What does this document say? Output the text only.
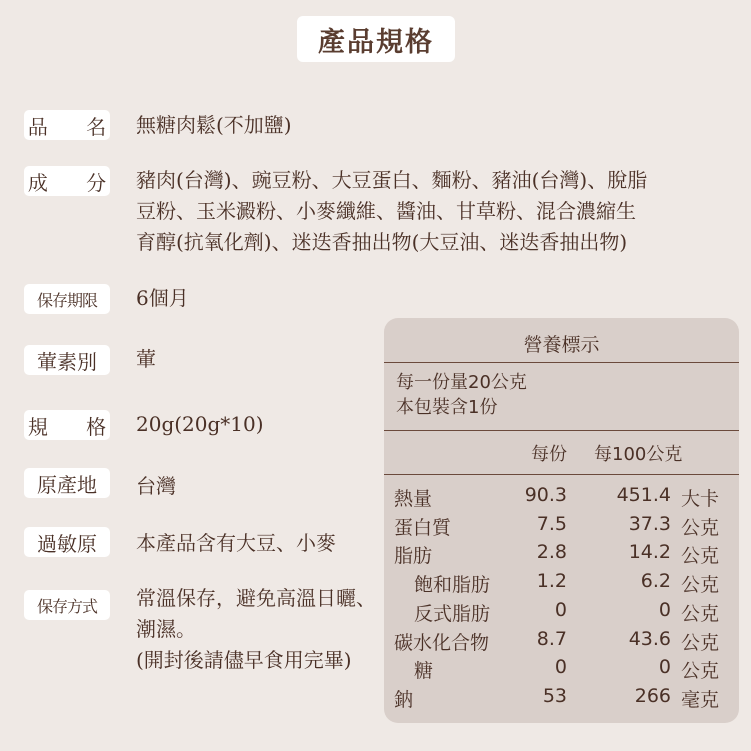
產品規格
品 名 無糖肉鬆(不加鹽)
成 分 豬肉(台灣)、豌豆粉、大豆蛋白、麵粉、豬油(台灣)、脫脂
豆粉、玉米澱粉、小麥纖維、醬油、甘草粉、混合濃縮生
育醇(抗氧化劑)、迷迭香抽出物(大豆油、迷迭香抽出物)
保存期限	6個月
葷素別	葷
規 格 20g(20g*10)
原產地	台灣
過敏原	本產品含有大豆、小麥
保存方式	常溫保存，避免高溫日曬、
潮濕。
(開封後請儘早食用完畢)
營養標示
每一份量20公克
本包裝含1份
每份 每100公克
熱量	90.3	451.4 大卡
蛋白質	7.5	37.3 公克
脂肪	2.8	14.2 公克
飽和脂肪	1.2	6.2 公克
反式脂肪	0	0 公克
碳水化合物	8.7	43.6 公克
糖	0	0 公克
鈉	53	266 毫克
